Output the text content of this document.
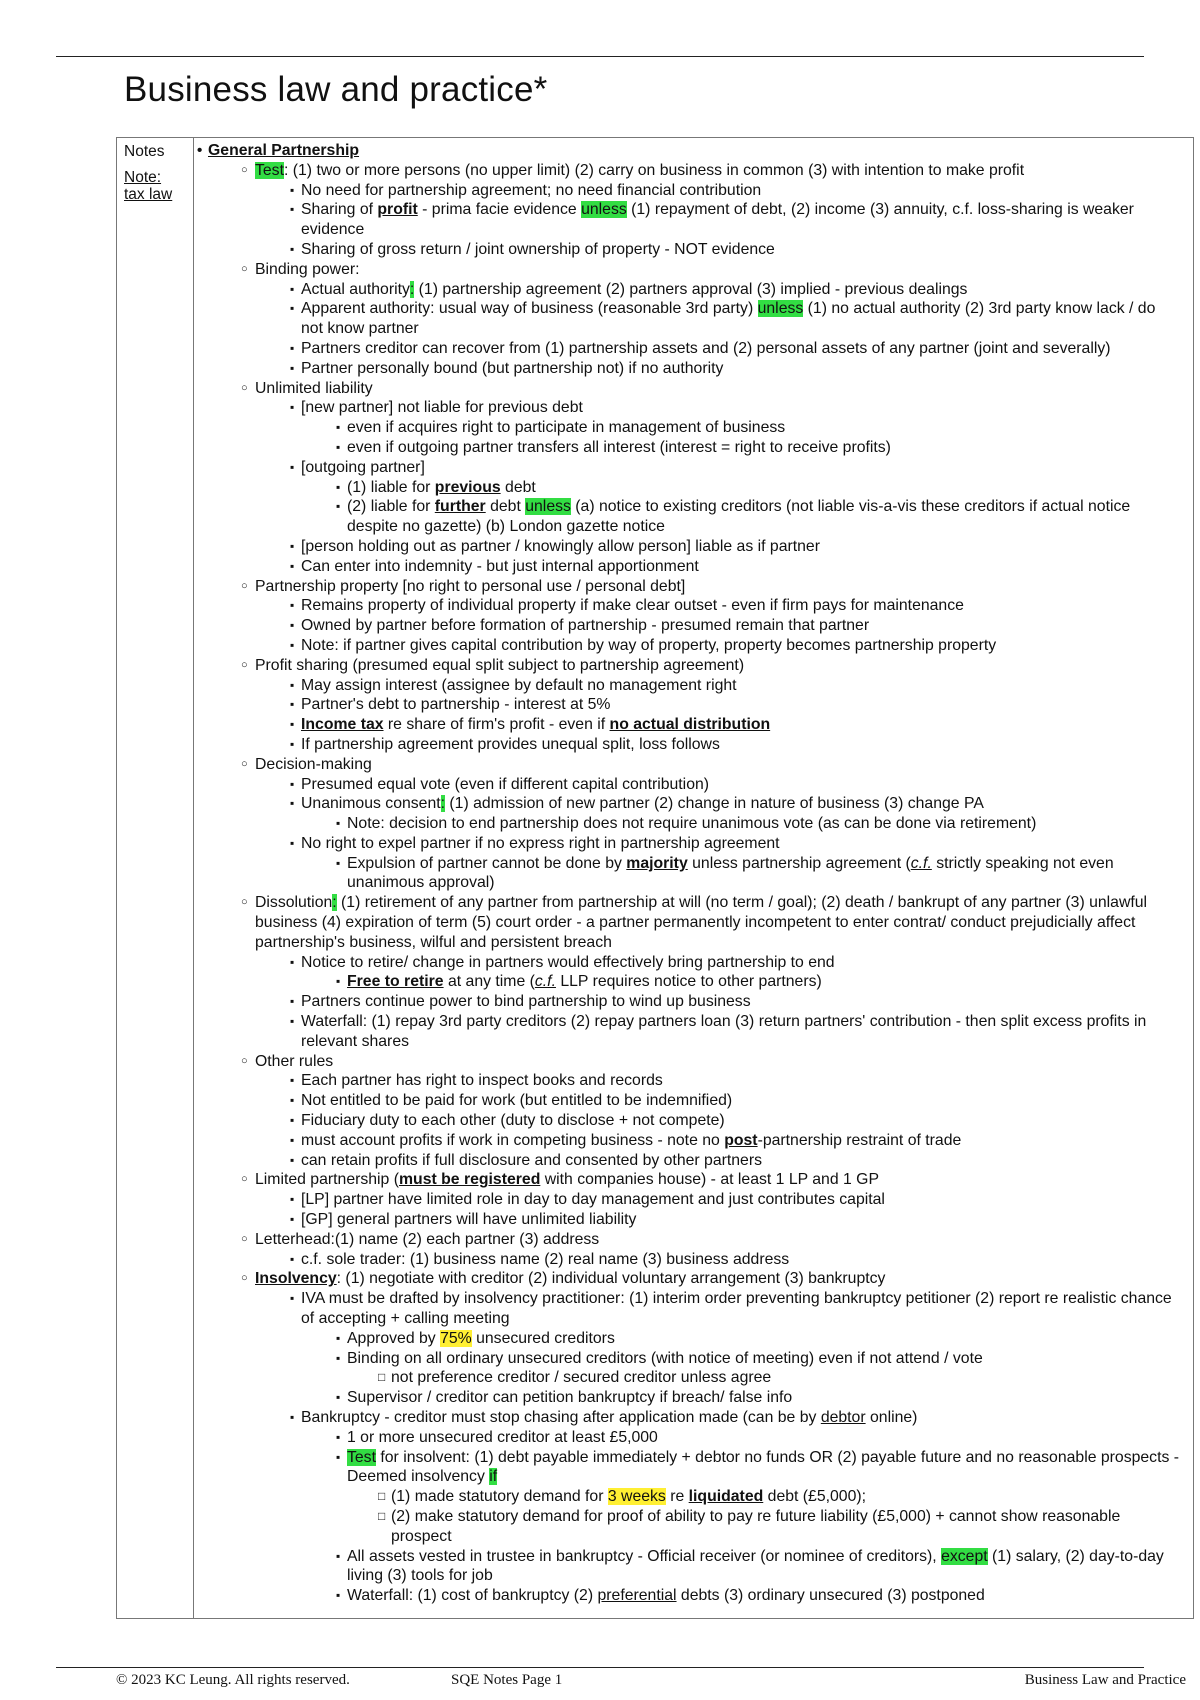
Business law and practice*
Notes
Note:
tax law
• General Partnership
○ Test: (1) two or more persons (no upper limit) (2) carry on business in common (3) with intention to make profit
▪ No need for partnership agreement; no need financial contribution
▪ Sharing of profit - prima facie evidence unless (1) repayment of debt, (2) income (3) annuity, c.f. loss-sharing is weaker evidence
▪ Sharing of gross return / joint ownership of property - NOT evidence
○ Binding power:
▪ Actual authority: (1) partnership agreement (2) partners approval (3) implied - previous dealings
▪ Apparent authority: usual way of business (reasonable 3rd party) unless (1) no actual authority (2) 3rd party know lack / do not know partner
▪ Partners creditor can recover from (1) partnership assets and (2) personal assets of any partner (joint and severally)
▪ Partner personally bound (but partnership not) if no authority
○ Unlimited liability
▪ [new partner] not liable for previous debt
▪ even if acquires right to participate in management of business
▪ even if outgoing partner transfers all interest (interest = right to receive profits)
▪ [outgoing partner]
▪ (1) liable for previous debt
▪ (2) liable for further debt unless (a) notice to existing creditors (not liable vis-a-vis these creditors if actual notice despite no gazette) (b) London gazette notice
▪ [person holding out as partner / knowingly allow person] liable as if partner
▪ Can enter into indemnity - but just internal apportionment
○ Partnership property [no right to personal use / personal debt]
▪ Remains property of individual property if make clear outset - even if firm pays for maintenance
▪ Owned by partner before formation of partnership - presumed remain that partner
▪ Note: if partner gives capital contribution by way of property, property becomes partnership property
○ Profit sharing (presumed equal split subject to partnership agreement)
▪ May assign interest (assignee by default no management right
▪ Partner's debt to partnership - interest at 5%
▪ Income tax re share of firm's profit - even if no actual distribution
▪ If partnership agreement provides unequal split, loss follows
○ Decision-making
▪ Presumed equal vote (even if different capital contribution)
▪ Unanimous consent: (1) admission of new partner (2) change in nature of business (3) change PA
▪ Note: decision to end partnership does not require unanimous vote (as can be done via retirement)
▪ No right to expel partner if no express right in partnership agreement
▪ Expulsion of partner cannot be done by majority unless partnership agreement (c.f. strictly speaking not even unanimous approval)
○ Dissolution: (1) retirement of any partner from partnership at will (no term / goal); (2) death / bankrupt of any partner (3) unlawful business (4) expiration of term (5) court order - a partner permanently incompetent to enter contrat/ conduct prejudicially affect partnership's business, wilful and persistent breach
▪ Notice to retire/ change in partners would effectively bring partnership to end
▪ Free to retire at any time (c.f. LLP requires notice to other partners)
▪ Partners continue power to bind partnership to wind up business
▪ Waterfall: (1) repay 3rd party creditors (2) repay partners loan (3) return partners' contribution - then split excess profits in relevant shares
○ Other rules
▪ Each partner has right to inspect books and records
▪ Not entitled to be paid for work (but entitled to be indemnified)
▪ Fiduciary duty to each other (duty to disclose + not compete)
▪ must account profits if work in competing business - note no post-partnership restraint of trade
▪ can retain profits if full disclosure and consented by other partners
○ Limited partnership (must be registered with companies house) - at least 1 LP and 1 GP
▪ [LP] partner have limited role in day to day management and just contributes capital
▪ [GP] general partners will have unlimited liability
○ Letterhead:(1) name (2) each partner (3) address
▪ c.f. sole trader: (1) business name (2) real name (3) business address
○ Insolvency: (1) negotiate with creditor (2) individual voluntary arrangement (3) bankruptcy
▪ IVA must be drafted by insolvency practitioner: (1) interim order preventing bankruptcy petitioner (2) report re realistic chance of accepting + calling meeting
▪ Approved by 75% unsecured creditors
▪ Binding on all ordinary unsecured creditors (with notice of meeting) even if not attend / vote
□ not preference creditor / secured creditor unless agree
▪ Supervisor / creditor can petition bankruptcy if breach/ false info
▪ Bankruptcy - creditor must stop chasing after application made (can be by debtor online)
▪ 1 or more unsecured creditor at least £5,000
▪ Test for insolvent: (1) debt payable immediately + debtor no funds OR (2) payable future and no reasonable prospects - Deemed insolvency if
□ (1) made statutory demand for 3 weeks re liquidated debt (£5,000);
□ (2) make statutory demand for proof of ability to pay re future liability (£5,000) + cannot show reasonable prospect
▪ All assets vested in trustee in bankruptcy - Official receiver (or nominee of creditors), except (1) salary, (2) day-to-day living (3) tools for job
▪ Waterfall: (1) cost of bankruptcy (2) preferential debts (3) ordinary unsecured (3) postponed
© 2023 KC Leung. All rights reserved.	SQE Notes Page 1	Business Law and Practice
